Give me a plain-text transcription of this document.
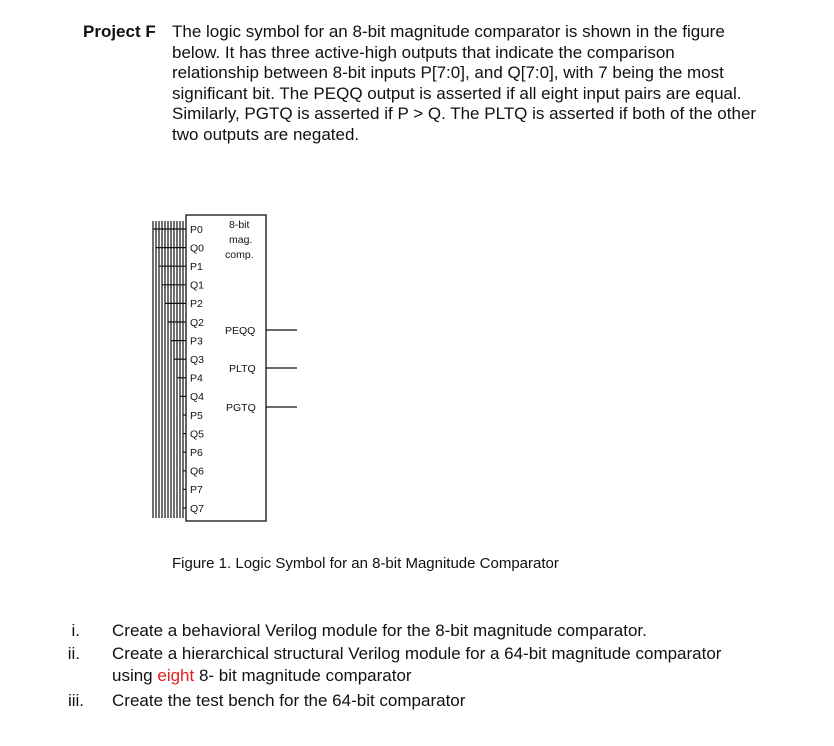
Project F The logic symbol for an 8-bit magnitude comparator is shown in the figure
below. It has three active-high outputs that indicate the comparison
relationship between 8-bit inputs P[7:0], and Q[7:0], with 7 being the most
significant bit. The PEQQ output is asserted if all eight input pairs are equal.
Similarly, PGTQ is asserted if P > Q. The PLTQ is asserted if both of the other
two outputs are negated.
P0
Q0
P1
Q1
P2
Q2
P3
Q3
P4
Q4
P5
Q5
P6
Q6
P7
Q7
8-bit
mag.
comp.
PEQQ
PLTQ
PGTQ
Figure 1. Logic Symbol for an 8-bit Magnitude Comparator
i. Create a behavioral Verilog module for the 8-bit magnitude comparator.
ii. Create a hierarchical structural Verilog module for a 64-bit magnitude comparator
using eight 8- bit magnitude comparator
iii. Create the test bench for the 64-bit comparator
